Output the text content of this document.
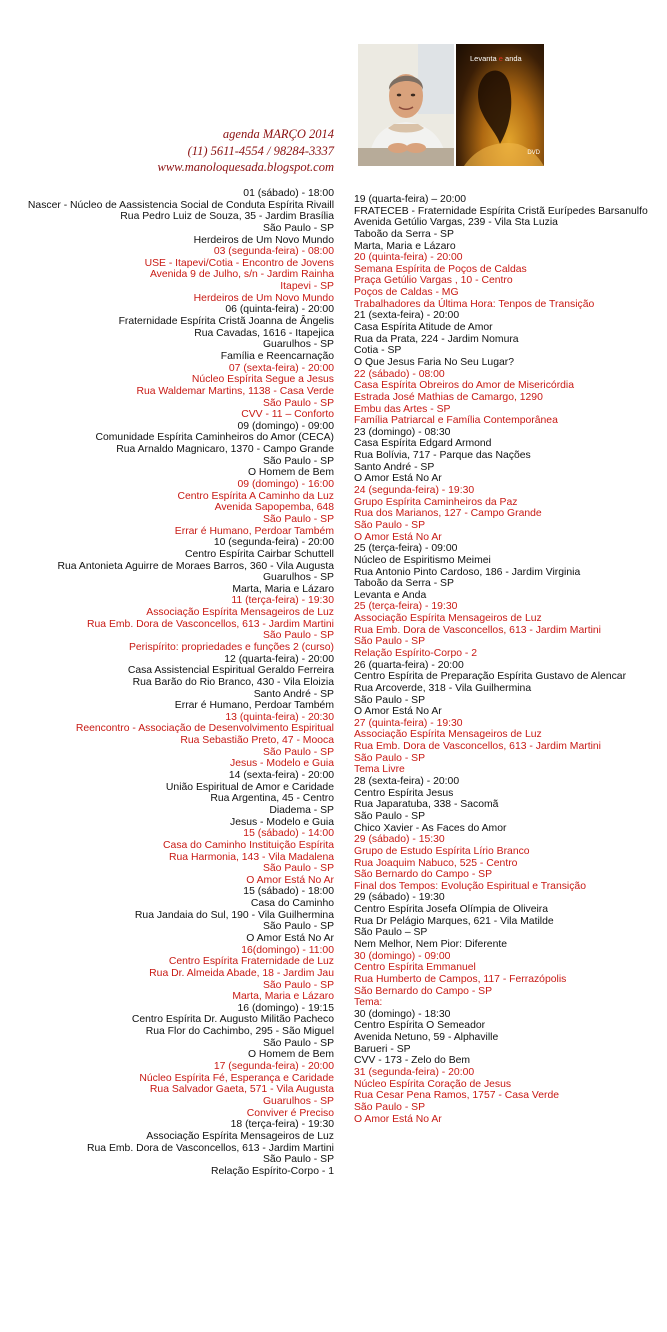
Levanta e anda
DVD
agenda MARÇO 2014
(11) 5611-4554 / 98284-3337
www.manoloquesada.blogspot.com
01 (sábado) - 18:00
Nascer - Núcleo de Aassistencia Social de Conduta Espírita Rivaill
Rua Pedro Luiz de Souza, 35 - Jardim Brasília
São Paulo - SP
Herdeiros de Um Novo Mundo
03 (segunda-feira) - 08:00
USE - Itapevi/Cotia - Encontro de Jovens
Avenida 9 de Julho, s/n - Jardim Rainha
Itapevi - SP
Herdeiros de Um Novo Mundo
06 (quinta-feira) - 20:00
Fraternidade Espírita Cristã Joanna de Ângelis
Rua Cavadas, 1616 - Itapejica
Guarulhos - SP
Família e Reencarnação
07 (sexta-feira) - 20:00
Núcleo Espírita Segue a Jesus
Rua Waldemar Martins, 1138 - Casa Verde
São Paulo - SP
CVV - 11 – Conforto
09 (domingo) - 09:00
Comunidade Espírita Caminheiros do Amor (CECA)
Rua Arnaldo Magnicaro, 1370 - Campo Grande
São Paulo - SP
O Homem de Bem
09 (domingo) - 16:00
Centro Espírita A Caminho da Luz
Avenida Sapopemba, 648
São Paulo - SP
Errar é Humano, Perdoar Também
10 (segunda-feira) - 20:00
Centro Espírita Cairbar Schuttell
Rua Antonieta Aguirre de Moraes Barros, 360 - Vila Augusta
Guarulhos - SP
Marta, Maria e Lázaro
11 (terça-feira) - 19:30
Associação Espírita Mensageiros de Luz
Rua Emb. Dora de Vasconcellos, 613 - Jardim Martini
São Paulo - SP
Perispírito: propriedades e funções 2 (curso)
12 (quarta-feira) - 20:00
Casa Assistencial Espiritual Geraldo Ferreira
Rua Barão do Rio Branco, 430 - Vila Eloizia
Santo André - SP
Errar é Humano, Perdoar Também
13 (quinta-feira) - 20:30
Reencontro - Associação de Desenvolvimento Espiritual
Rua Sebastião Preto, 47 - Mooca
São Paulo - SP
Jesus - Modelo e Guia
14 (sexta-feira) - 20:00
União Espiritual de Amor e Caridade
Rua Argentina, 45 - Centro
Diadema - SP
Jesus - Modelo e Guia
15 (sábado) - 14:00
Casa do Caminho Instituição Espírita
Rua Harmonia, 143 - Vila Madalena
São Paulo - SP
O Amor Está No Ar
15 (sábado) - 18:00
Casa do Caminho
Rua Jandaia do Sul, 190 - Vila Guilhermina
São Paulo - SP
O Amor Está No Ar
16(domingo) - 11:00
Centro Espírita Fraternidade de Luz
Rua Dr. Almeida Abade, 18 - Jardim Jau
São Paulo - SP
Marta, Maria e Lázaro
16 (domingo) - 19:15
Centro Espírita Dr. Augusto Militão Pacheco
Rua Flor do Cachimbo, 295 - São Miguel
São Paulo - SP
O Homem de Bem
17 (segunda-feira) - 20:00
Núcleo Espírita Fé, Esperança e Caridade
Rua Salvador Gaeta, 571 - Vila Augusta
Guarulhos - SP
Conviver é Preciso
18 (terça-feira) - 19:30
Associação Espírita Mensageiros de Luz
Rua Emb. Dora de Vasconcellos, 613 - Jardim Martini
São Paulo - SP
Relação Espírito-Corpo - 1
19 (quarta-feira) – 20:00
FRATECEB - Fraternidade Espírita Cristã Eurípedes Barsanulfo
Avenida Getúlio Vargas, 239 - Vila Sta Luzia
Taboão da Serra - SP
Marta, Maria e Lázaro
20 (quinta-feira) - 20:00
Semana Espírita de Poços de Caldas
Praça Getúlio Vargas , 10 - Centro
Poços de Caldas - MG
Trabalhadores da Última Hora: Tenpos de Transição
21 (sexta-feira) - 20:00
Casa Espírita Atitude de Amor
Rua da Prata, 224 - Jardim Nomura
Cotia - SP
O Que Jesus Faria No Seu Lugar?
22 (sábado) - 08:00
Casa Espírita Obreiros do Amor de Misericórdia
Estrada José Mathias de Camargo, 1290
Embu das Artes - SP
Família Patriarcal e Família Contemporânea
23 (domingo) - 08:30
Casa Espírita Edgard Armond
Rua Bolívia, 717 - Parque das Nações
Santo André - SP
O Amor Está No Ar
24 (segunda-feira) - 19:30
Grupo Espírita Caminheiros da Paz
Rua dos Marianos, 127 - Campo Grande
São Paulo - SP
O Amor Está No Ar
25 (terça-feira) - 09:00
Núcleo de Espiritismo Meimei
Rua Antonio Pinto Cardoso, 186 - Jardim Virginia
Taboão da Serra - SP
Levanta e Anda
25 (terça-feira) - 19:30
Associação Espírita Mensageiros de Luz
Rua Emb. Dora de Vasconcellos, 613 - Jardim Martini
São Paulo - SP
Relação Espírito-Corpo - 2
26 (quarta-feira) - 20:00
Centro Espírita de Preparação Espírita Gustavo de Alencar
Rua Arcoverde, 318 - Vila Guilhermina
São Paulo - SP
O Amor Está No Ar
27 (quinta-feira) - 19:30
Associação Espírita Mensageiros de Luz
Rua Emb. Dora de Vasconcellos, 613 - Jardim Martini
São Paulo - SP
Tema Livre
28 (sexta-feira) - 20:00
Centro Espírita Jesus
Rua Japaratuba, 338 - Sacomã
São Paulo - SP
Chico Xavier - As Faces do Amor
29 (sábado) - 15:30
Grupo de Estudo Espírita Lírio Branco
Rua Joaquim Nabuco, 525 - Centro
São Bernardo do Campo - SP
Final dos Tempos: Evolução Espiritual e Transição
29 (sábado) - 19:30
Centro Espírita Josefa Olímpia de Oliveira
Rua Dr Pelágio Marques, 621 - Vila Matilde
São Paulo – SP
Nem Melhor, Nem Pior: Diferente
30 (domingo) - 09:00
Centro Espírita Emmanuel
Rua Humberto de Campos, 117 - Ferrazópolis
São Bernardo do Campo - SP
Tema:
30 (domingo) - 18:30
Centro Espírita O Semeador
Avenida Netuno, 59 - Alphaville
Barueri - SP
CVV - 173 - Zelo do Bem
31 (segunda-feira) - 20:00
Núcleo Espírita Coração de Jesus
Rua Cesar Pena Ramos, 1757 - Casa Verde
São Paulo - SP
O Amor Está No Ar
